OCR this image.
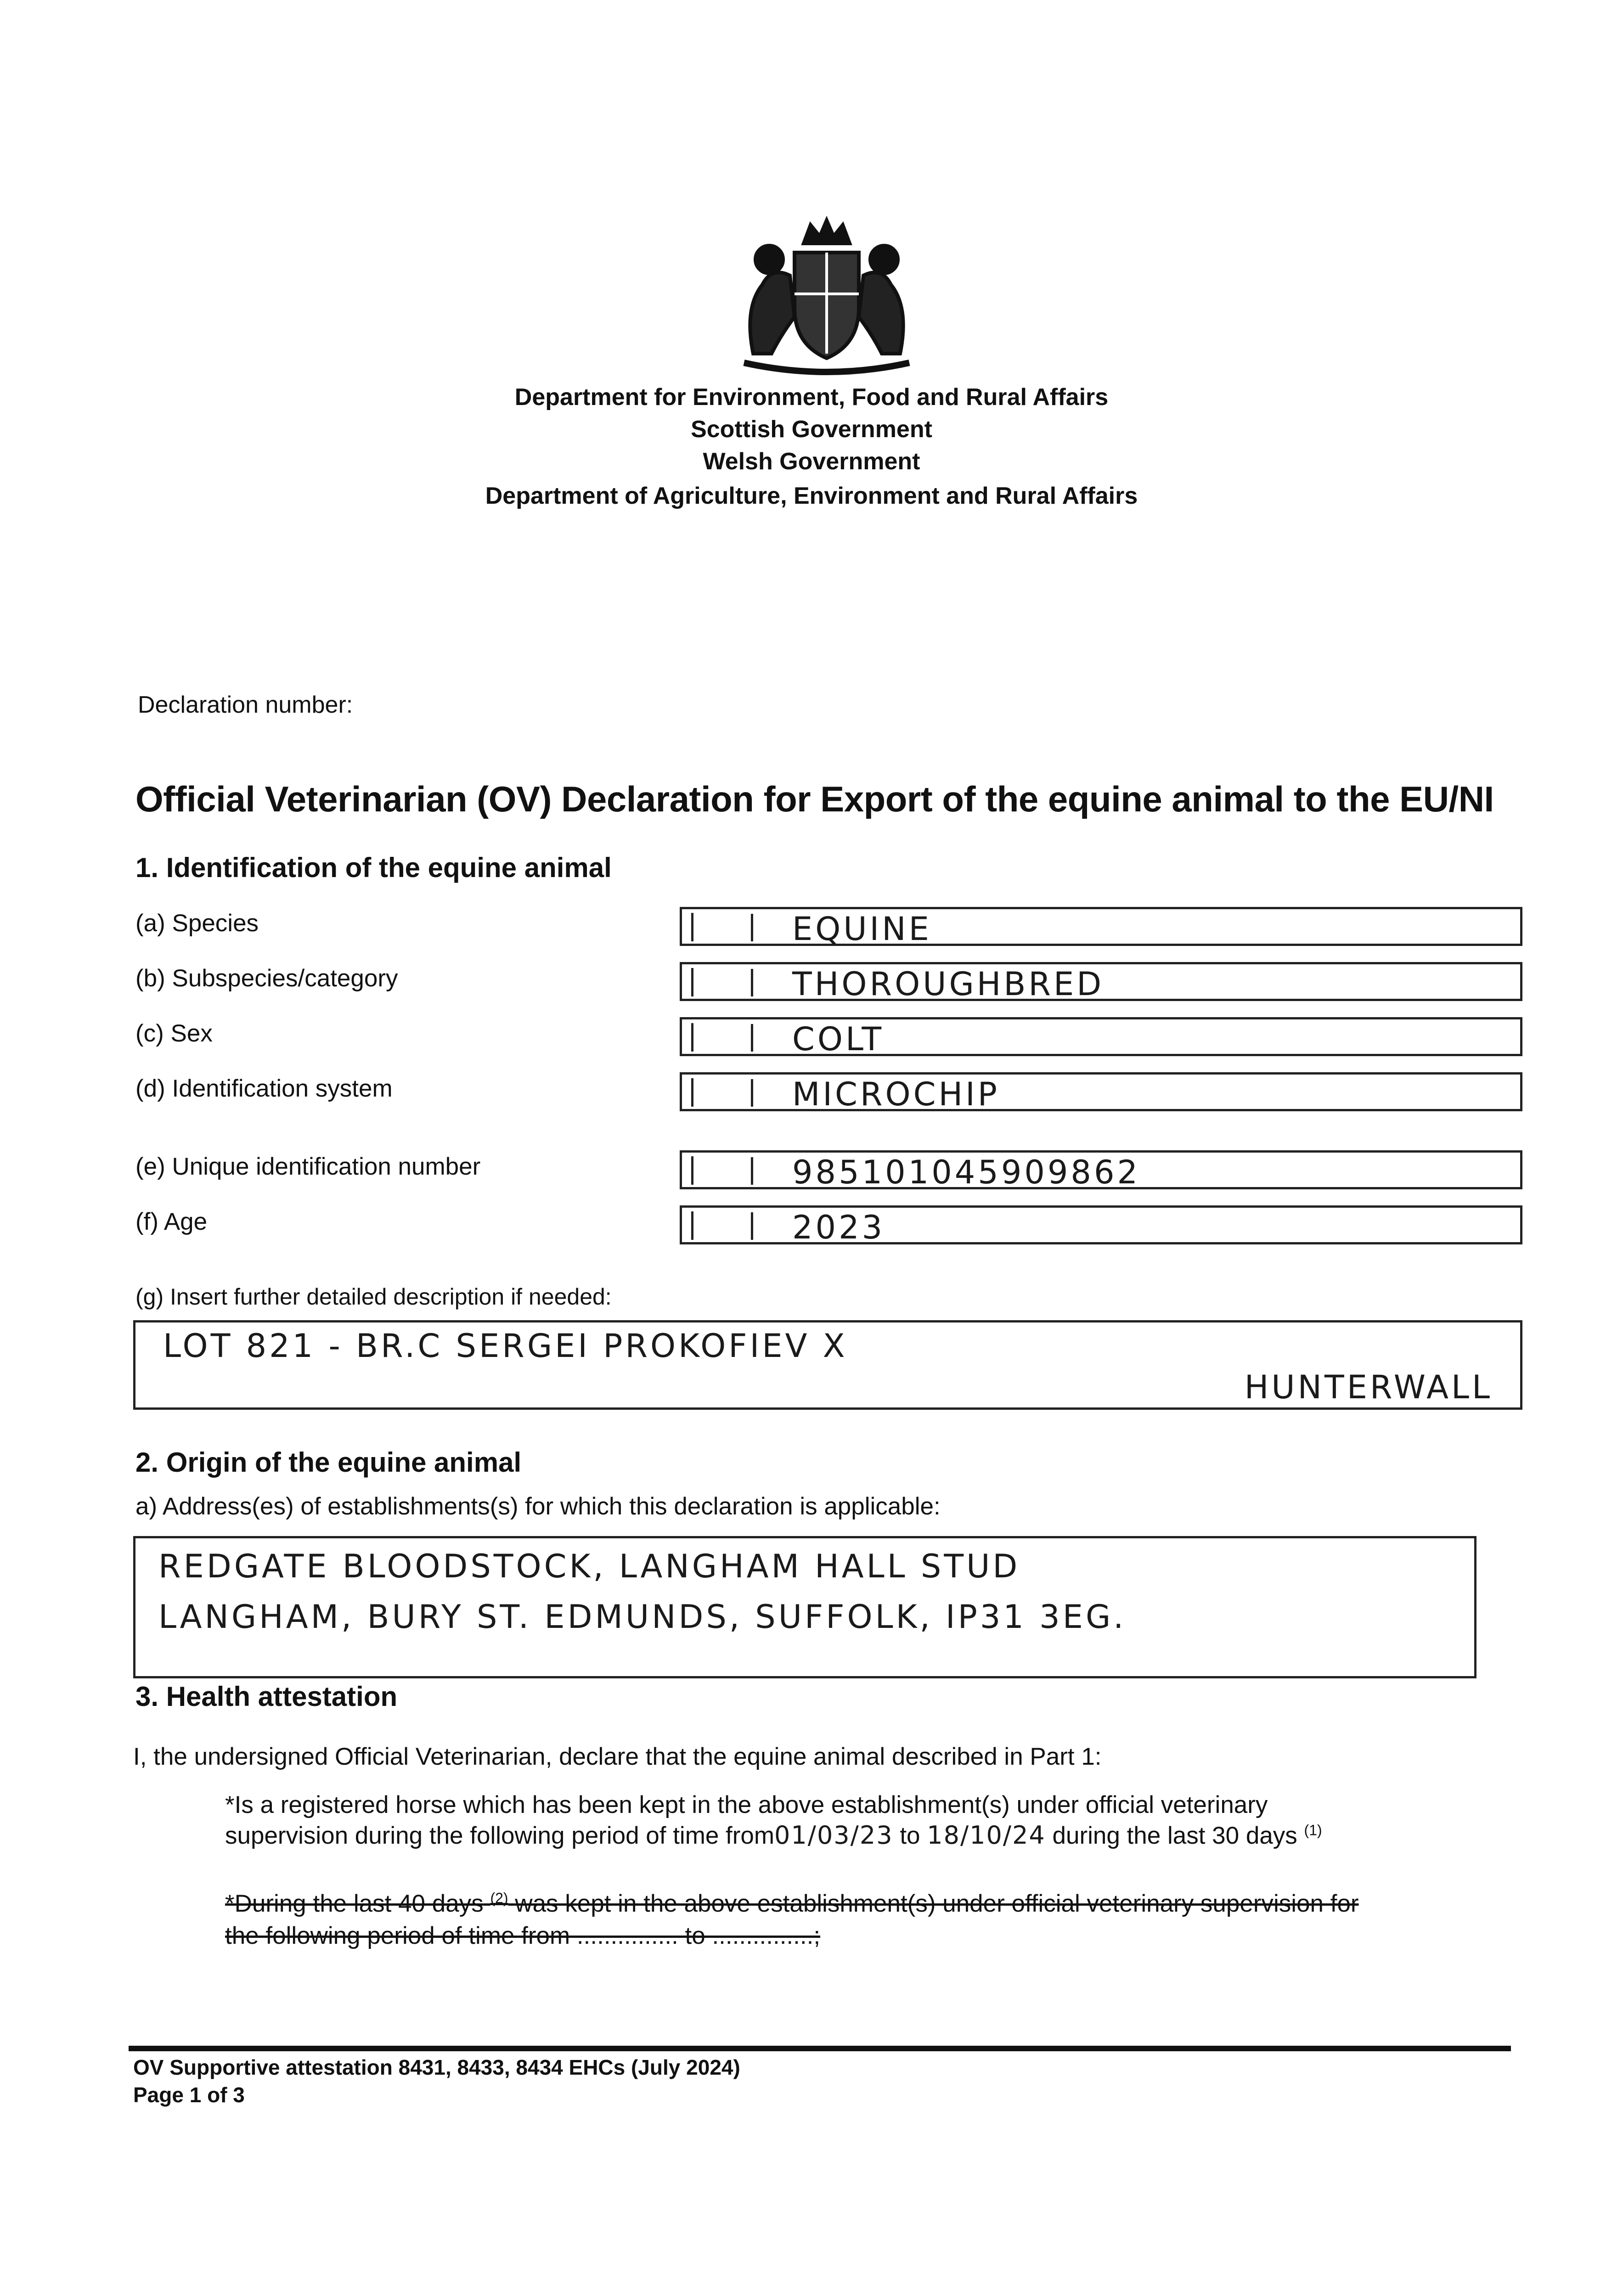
Department for Environment, Food and Rural Affairs
Scottish Government
Welsh Government
Department of Agriculture, Environment and Rural Affairs
Declaration number:
Official Veterinarian (OV) Declaration for Export of the equine animal to the EU/NI
1. Identification of the equine animal
(a) Species	EQUINE
(b) Subspecies/category	THOROUGHBRED
(c) Sex	COLT
(d) Identification system	MICROCHIP
(e) Unique identification number	985101045909862
(f) Age	2023
(g) Insert further detailed description if needed:
LOT 821 - BR.C SERGEI PROKOFIEV X
HUNTERWALL
2. Origin of the equine animal
a) Address(es) of establishments(s) for which this declaration is applicable:
REDGATE BLOODSTOCK, LANGHAM HALL STUD
LANGHAM, BURY ST. EDMUNDS, SUFFOLK, IP31 3EG.
3. Health attestation
I, the undersigned Official Veterinarian, declare that the equine animal described in Part 1:
*Is a registered horse which has been kept in the above establishment(s) under official veterinary
supervision during the following period of time from01/03/23 to 18/10/24 during the last 30 days $^{(1)}$
*During the last 40 days $^{(2)}$ was kept in the above establishment(s) under official veterinary supervision for
the following period of time from ............... to ...............;
OV Supportive attestation 8431, 8433, 8434 EHCs (July 2024)
Page 1 of 3
